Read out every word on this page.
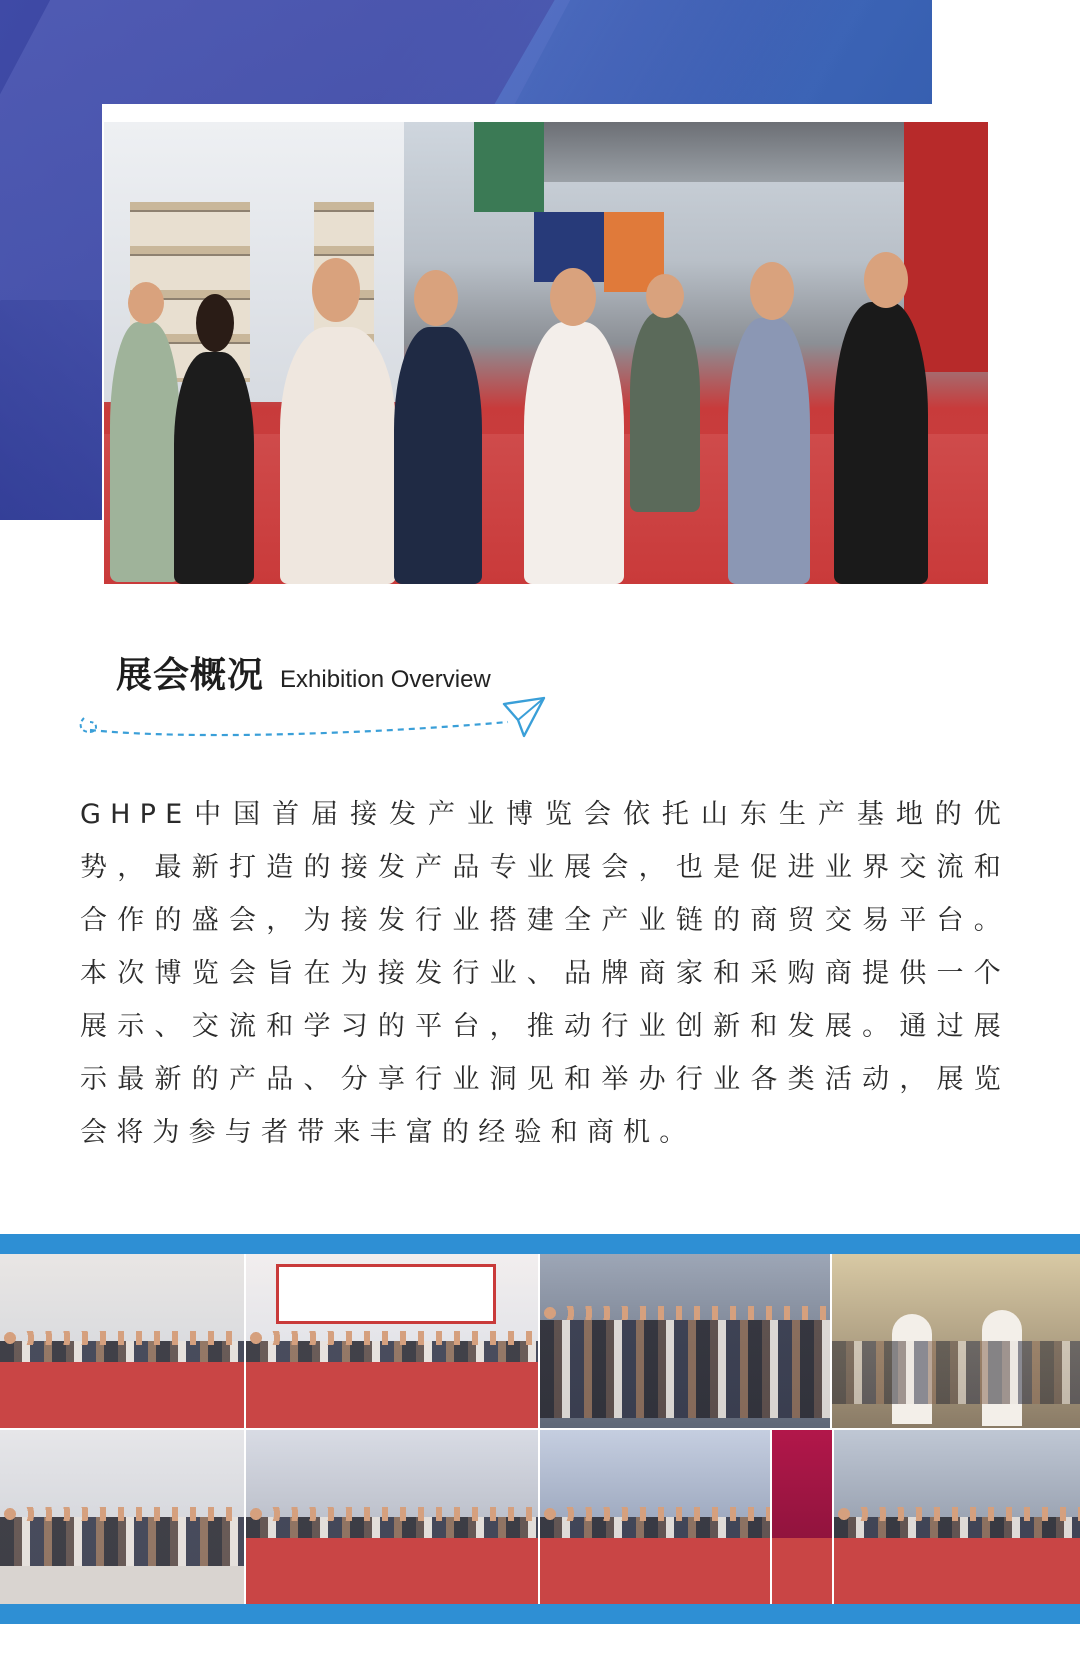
展会概况 Exhibition Overview

GHPE中国首届接发产业博览会依托山东生产基地的优势，最新打造的接发产品专业展会，也是促进业界交流和合作的盛会，为接发行业搭建全产业链的商贸交易平台。本次博览会旨在为接发行业、品牌商家和采购商提供一个展示、交流和学习的平台，推动行业创新和发展。通过展示最新的产品、分享行业洞见和举办行业各类活动，展览会将为参与者带来丰富的经验和商机。
